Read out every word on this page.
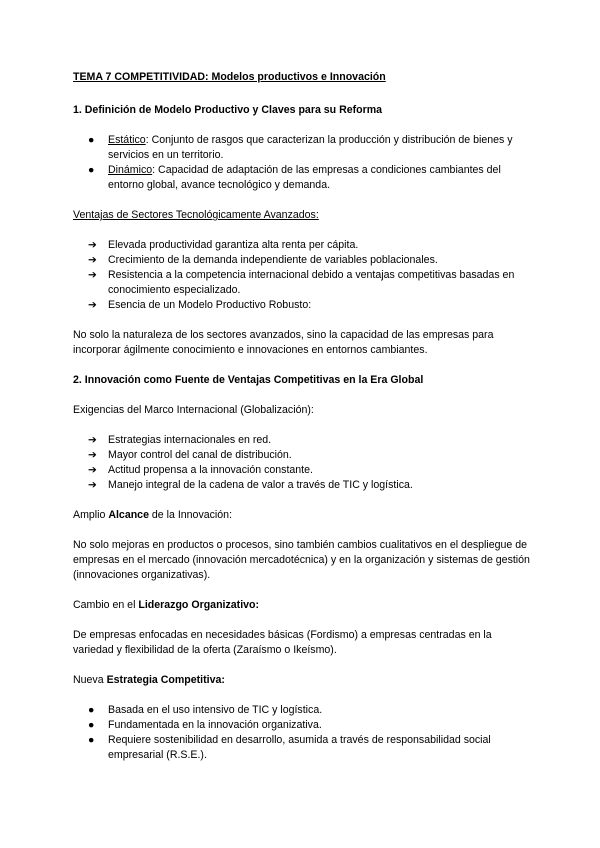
TEMA 7 COMPETITIVIDAD: Modelos productivos e Innovación
1. Definición de Modelo Productivo y Claves para su Reforma
● Estático: Conjunto de rasgos que caracterizan la producción y distribución de bienes y servicios en un territorio.
● Dinámico: Capacidad de adaptación de las empresas a condiciones cambiantes del entorno global, avance tecnológico y demanda.

Ventajas de Sectores Tecnológicamente Avanzados:

➔ Elevada productividad garantiza alta renta per cápita.
➔ Crecimiento de la demanda independiente de variables poblacionales.
➔ Resistencia a la competencia internacional debido a ventajas competitivas basadas en conocimiento especializado.
➔ Esencia de un Modelo Productivo Robusto:

No solo la naturaleza de los sectores avanzados, sino la capacidad de las empresas para incorporar ágilmente conocimiento e innovaciones en entornos cambiantes.

2. Innovación como Fuente de Ventajas Competitivas en la Era Global

Exigencias del Marco Internacional (Globalización):

➔ Estrategias internacionales en red.
➔ Mayor control del canal de distribución.
➔ Actitud propensa a la innovación constante.
➔ Manejo integral de la cadena de valor a través de TIC y logística.

Amplio Alcance de la Innovación:

No solo mejoras en productos o procesos, sino también cambios cualitativos en el despliegue de empresas en el mercado (innovación mercadotécnica) y en la organización y sistemas de gestión (innovaciones organizativas).

Cambio en el Liderazgo Organizativo:

De empresas enfocadas en necesidades básicas (Fordismo) a empresas centradas en la variedad y flexibilidad de la oferta (Zaraísmo o Ikeísmo).

Nueva Estrategia Competitiva:

● Basada en el uso intensivo de TIC y logística.
● Fundamentada en la innovación organizativa.
● Requiere sostenibilidad en desarrollo, asumida a través de responsabilidad social empresarial (R.S.E.).
